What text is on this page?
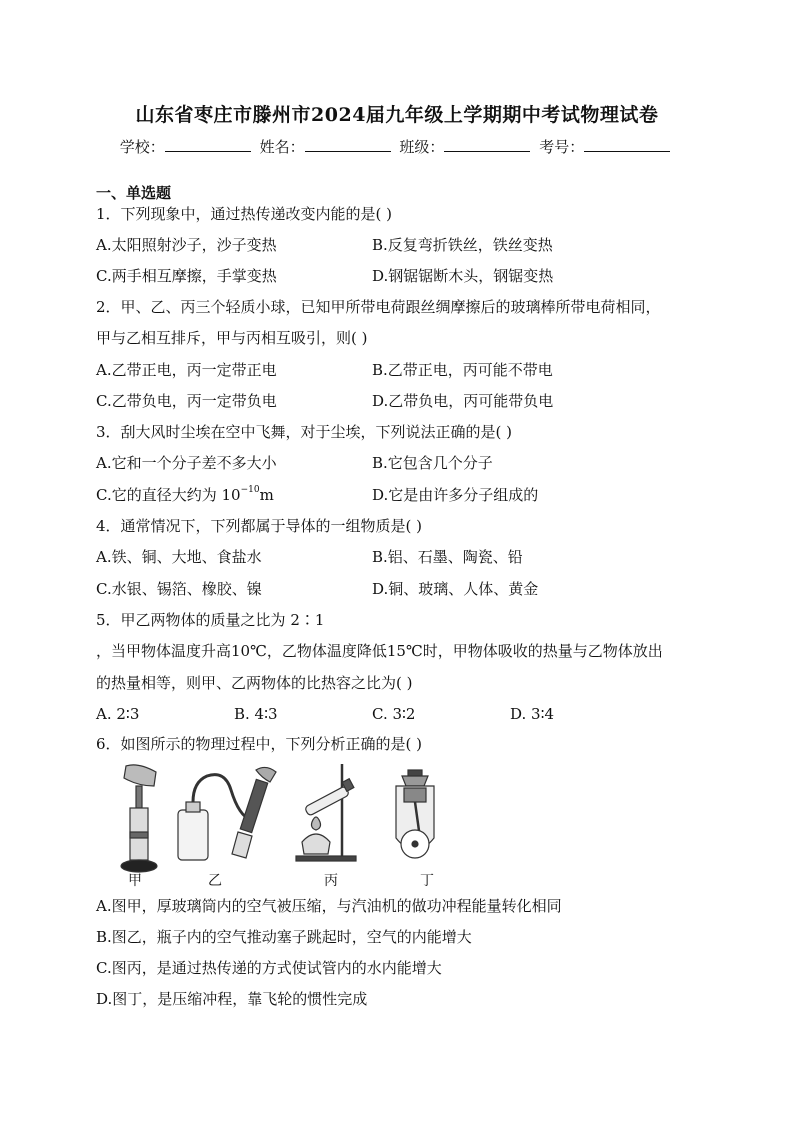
山东省枣庄市滕州市2024届九年级上学期期中考试物理试卷
学校：	姓名：	班级：	考号：
一、单选题
1．下列现象中，通过热传递改变内能的是( )
A.太阳照射沙子，沙子变热	B.反复弯折铁丝，铁丝变热
C.两手相互摩擦，手掌变热	D.钢锯锯断木头，钢锯变热
2．甲、乙、丙三个轻质小球，已知甲所带电荷跟丝绸摩擦后的玻璃棒所带电荷相同，
甲与乙相互排斥，甲与丙相互吸引，则( )
A.乙带正电，丙一定带正电	B.乙带正电，丙可能不带电
C.乙带负电，丙一定带负电	D.乙带负电，丙可能带负电
3．刮大风时尘埃在空中飞舞，对于尘埃，下列说法正确的是( )
A.它和一个分子差不多大小	B.它包含几个分子
C.它的直径大约为 $10^{-10}m$	D.它是由许多分子组成的
4．通常情况下，下列都属于导体的一组物质是( )
A.铁、铜、大地、食盐水	B.铝、石墨、陶瓷、铅
C.水银、锡箔、橡胶、镍	D.铜、玻璃、人体、黄金
5．甲乙两物体的质量之比为 2∶1
，当甲物体温度升高10℃，乙物体温度降低15℃时，甲物体吸收的热量与乙物体放出
的热量相等，则甲、乙两物体的比热容之比为( )
A. 2∶3	B. 4∶3	C. 3∶2	D. 3∶4
6．如图所示的物理过程中，下列分析正确的是( )
甲	乙	丙	丁
A.图甲，厚玻璃筒内的空气被压缩，与汽油机的做功冲程能量转化相同
B.图乙，瓶子内的空气推动塞子跳起时，空气的内能增大
C.图丙，是通过热传递的方式使试管内的水内能增大
D.图丁，是压缩冲程，靠飞轮的惯性完成
